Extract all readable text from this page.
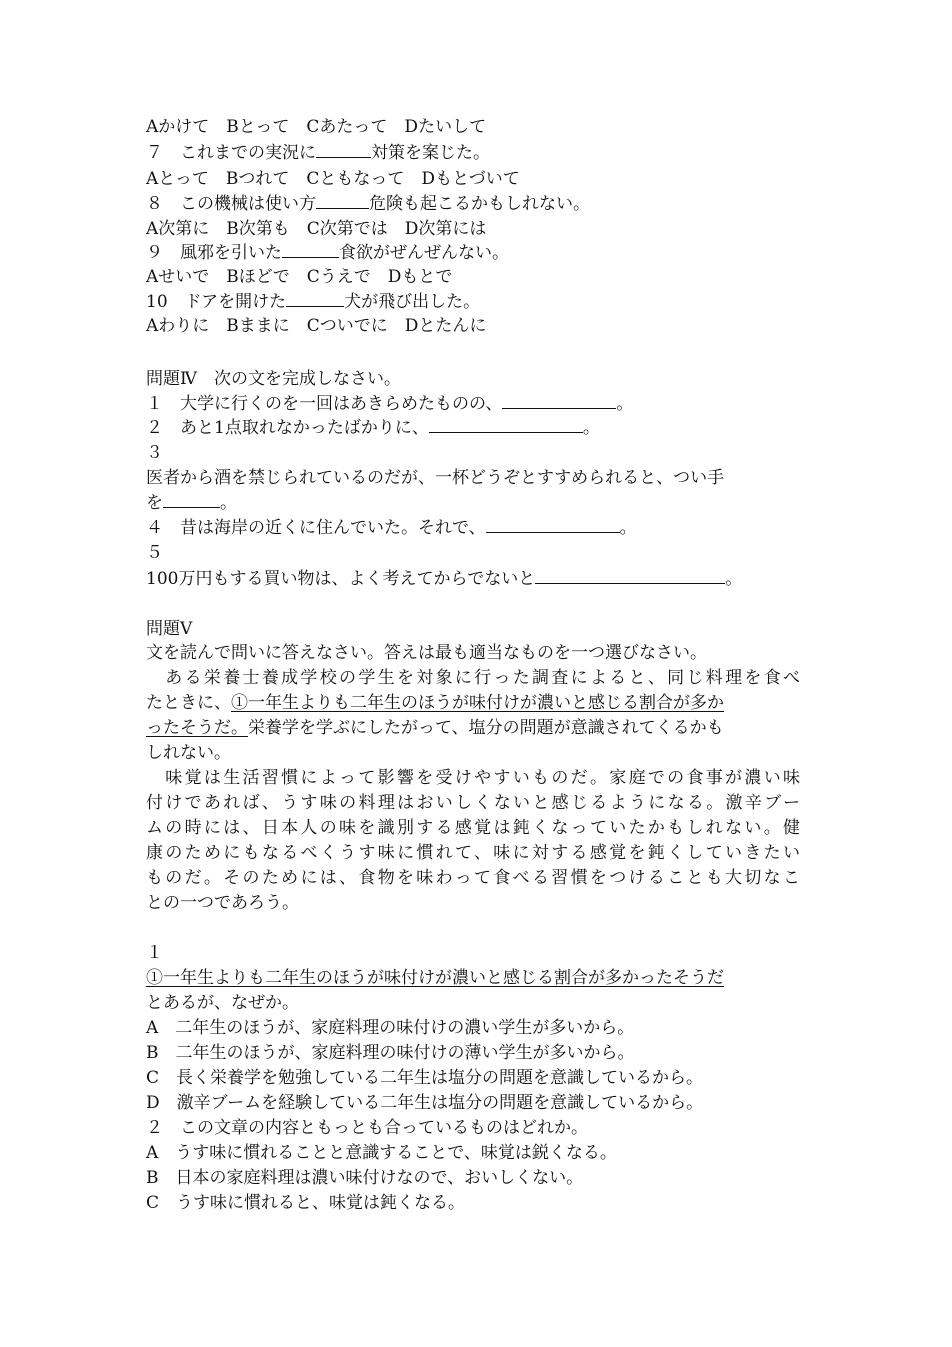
Aかけて　Bとって　Cあたって　Dたいして
７　これまでの実況に	対策を案じた。
Aとって　Bつれて　Cともなって　Dもとづいて
８　この機械は使い方	危険も起こるかもしれない。
A次第に　B次第も　C次第では　D次第には
９　風邪を引いた	食欲がぜんぜんない。
Aせいで　Bほどで　Cうえで　Dもとで
10　ドアを開けた	犬が飛び出した。
Aわりに　Bままに　Cついでに　Dとたんに
問題Ⅳ　次の文を完成しなさい。
１　大学に行くのを一回はあきらめたものの、	。
２　あと1点取れなかったばかりに、	。
３
医者から酒を禁じられているのだが、一杯どうぞとすすめられると、つい手
を	。
４　昔は海岸の近くに住んでいた。それで、	。
５
100万円もする買い物は、よく考えてからでないと	。
問題Ⅴ
文を読んで問いに答えなさい。答えは最も適当なものを一つ選びなさい。
　ある栄養士養成学校の学生を対象に行った調査によると、同じ料理を食べ
たときに、①一年生よりも二年生のほうが味付けが濃いと感じる割合が多か
ったそうだ。栄養学を学ぶにしたがって、塩分の問題が意識されてくるかも
しれない。
　味覚は生活習慣によって影響を受けやすいものだ。家庭での食事が濃い味
付けであれば、うす味の料理はおいしくないと感じるようになる。激辛ブー
ムの時には、日本人の味を識別する感覚は鈍くなっていたかもしれない。健
康のためにもなるべくうす味に慣れて、味に対する感覚を鈍くしていきたい
ものだ。そのためには、食物を味わって食べる習慣をつけることも大切なこ
との一つであろう。
１
①一年生よりも二年生のほうが味付けが濃いと感じる割合が多かったそうだ
とあるが、なぜか。
A　二年生のほうが、家庭料理の味付けの濃い学生が多いから。
B　二年生のほうが、家庭料理の味付けの薄い学生が多いから。
C　長く栄養学を勉強している二年生は塩分の問題を意識しているから。
D　激辛ブームを経験している二年生は塩分の問題を意識しているから。
２　この文章の内容ともっとも合っているものはどれか。
A　うす味に慣れることと意識することで、味覚は鋭くなる。
B　日本の家庭料理は濃い味付けなので、おいしくない。
C　うす味に慣れると、味覚は鈍くなる。
